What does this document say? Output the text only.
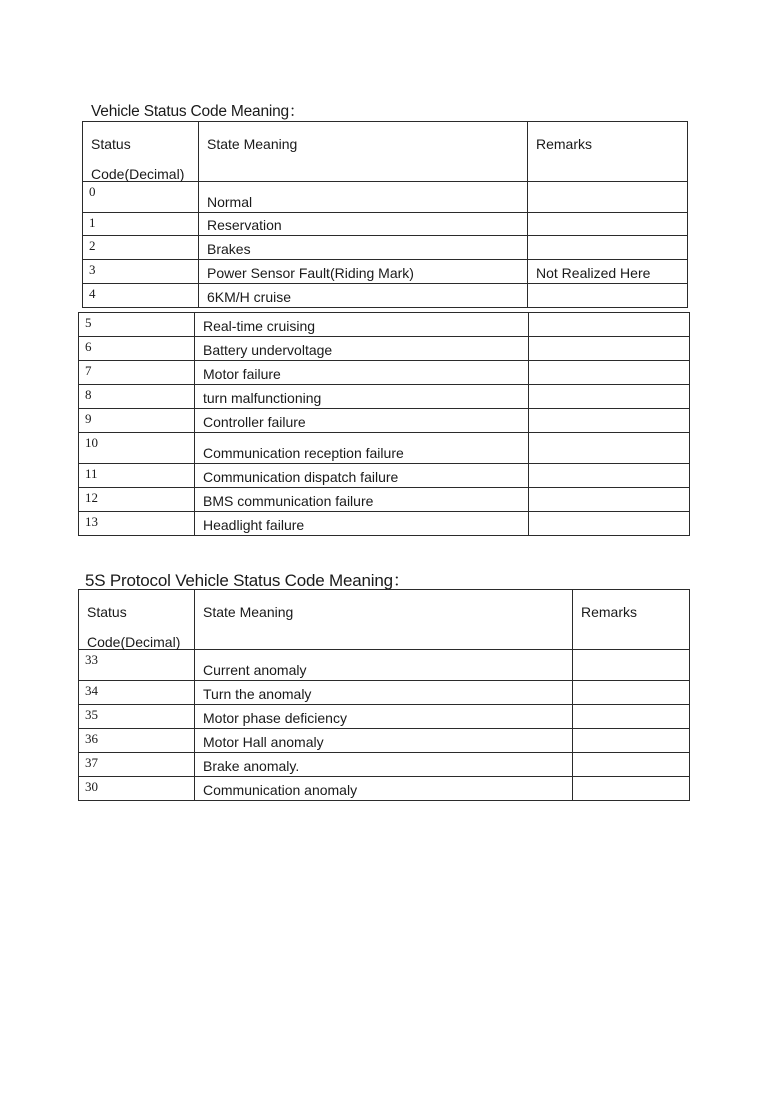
Vehicle Status Code Meaning：
Status
Code(Decimal)	State Meaning	Remarks

0	Normal	

1	Reservation	

2	Brakes	

3	Power Sensor Fault(Riding Mark)	Not Realized Here

4	6KM/H cruise	

5	Real-time cruising	

6	Battery undervoltage	

7	Motor failure	

8	turn malfunctioning	

9	Controller failure	

10	Communication reception failure	

11	Communication dispatch failure	

12	BMS communication failure	

13	Headlight failure	

5S Protocol Vehicle Status Code Meaning：
Status
Code(Decimal)	State Meaning	Remarks

33	Current anomaly	

34	Turn the anomaly	

35	Motor phase deficiency	

36	Motor Hall anomaly	

37	Brake anomaly.	

30	Communication anomaly	
